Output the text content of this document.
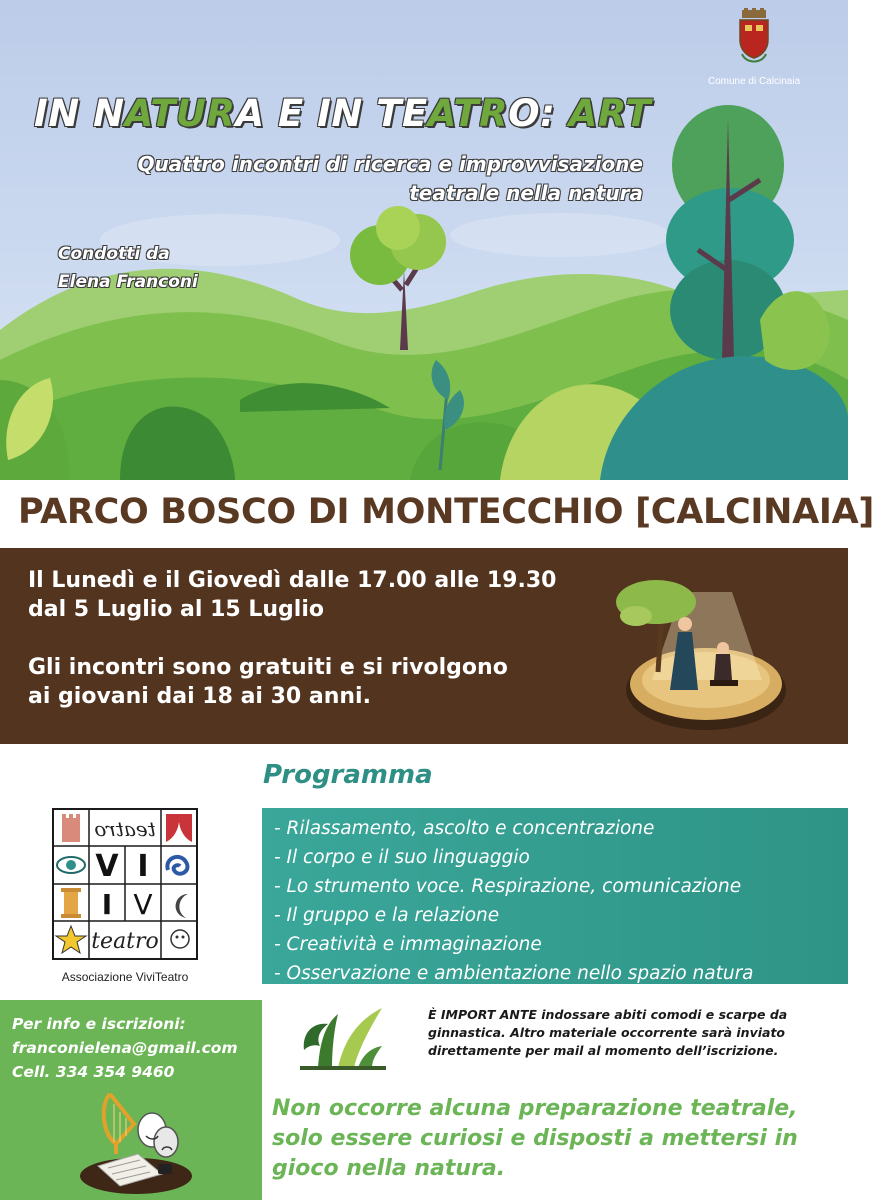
IN NATURA E IN TEATRO: ART
Quattro incontri di ricerca e improvvisazione
teatrale nella natura
Condotti da
Elena Franconi
Comune di Calcinaia
PARCO BOSCO DI MONTECCHIO [CALCINAIA]

Il Lunedì e il Giovedì dalle 17.00 alle 19.30

dal 5 Luglio al 15 Luglio

Gli incontri sono gratuiti e si rivolgono

ai giovani dai 18 ai 30 anni.

Programma
- Rilassamento, ascolto e concentrazione
- Il corpo e il suo linguaggio
- Lo strumento voce. Respirazione, comunicazione
- Il gruppo e la relazione
- Creatività e immaginazione
- Osservazione e ambientazione nello spazio natura
teatro
V I
I V
teatro
Associazione ViviTeatro

Per info e iscrizioni:

franconielena@gmail.com

Cell. 334 354 9460

È IMPORT ANTE indossare abiti comodi e scarpe da ginnastica. Altro materiale occorrente sarà inviato direttamente per mail al momento dell’iscrizione.
Non occorre alcuna preparazione teatrale,
solo essere curiosi e disposti a mettersi in
gioco nella natura.
